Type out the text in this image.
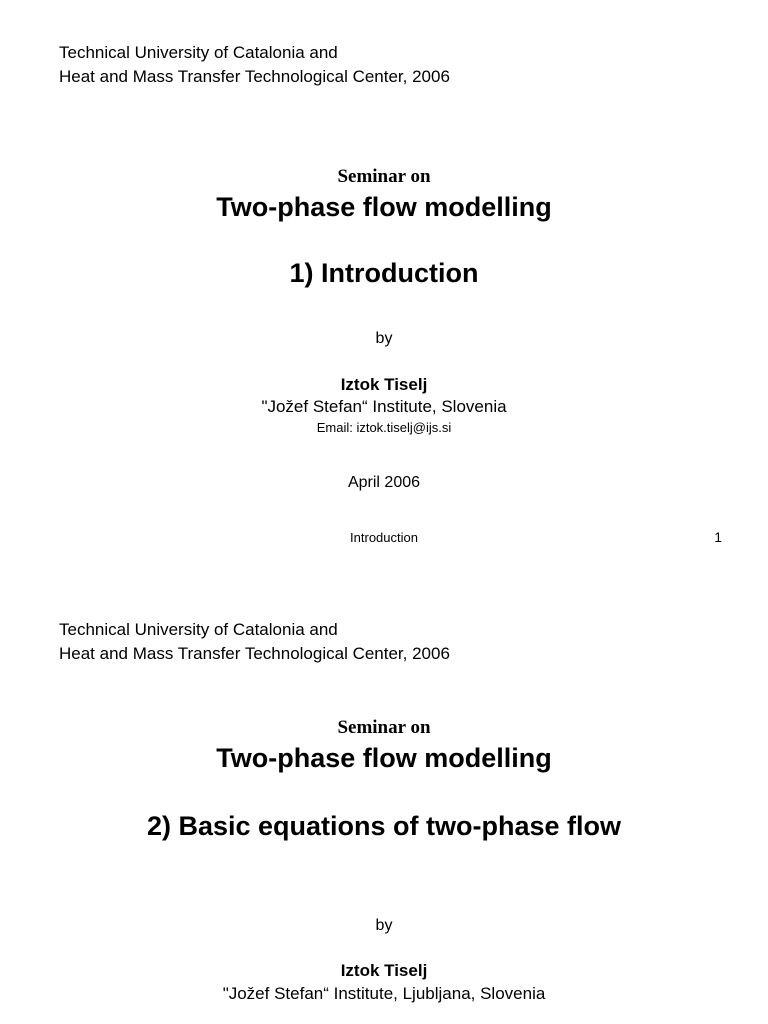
Technical University of Catalonia and

Heat and Mass Transfer Technological Center, 2006

Seminar on

Two-phase flow modelling

1) Introduction

by

Iztok Tiselj

"Jožef Stefan“ Institute, Slovenia

Email: iztok.tiselj@ijs.si

April 2006

Introduction	1

Technical University of Catalonia and

Heat and Mass Transfer Technological Center, 2006

Seminar on

Two-phase flow modelling

2) Basic equations of two-phase flow

by

Iztok Tiselj

"Jožef Stefan“ Institute, Ljubljana, Slovenia
